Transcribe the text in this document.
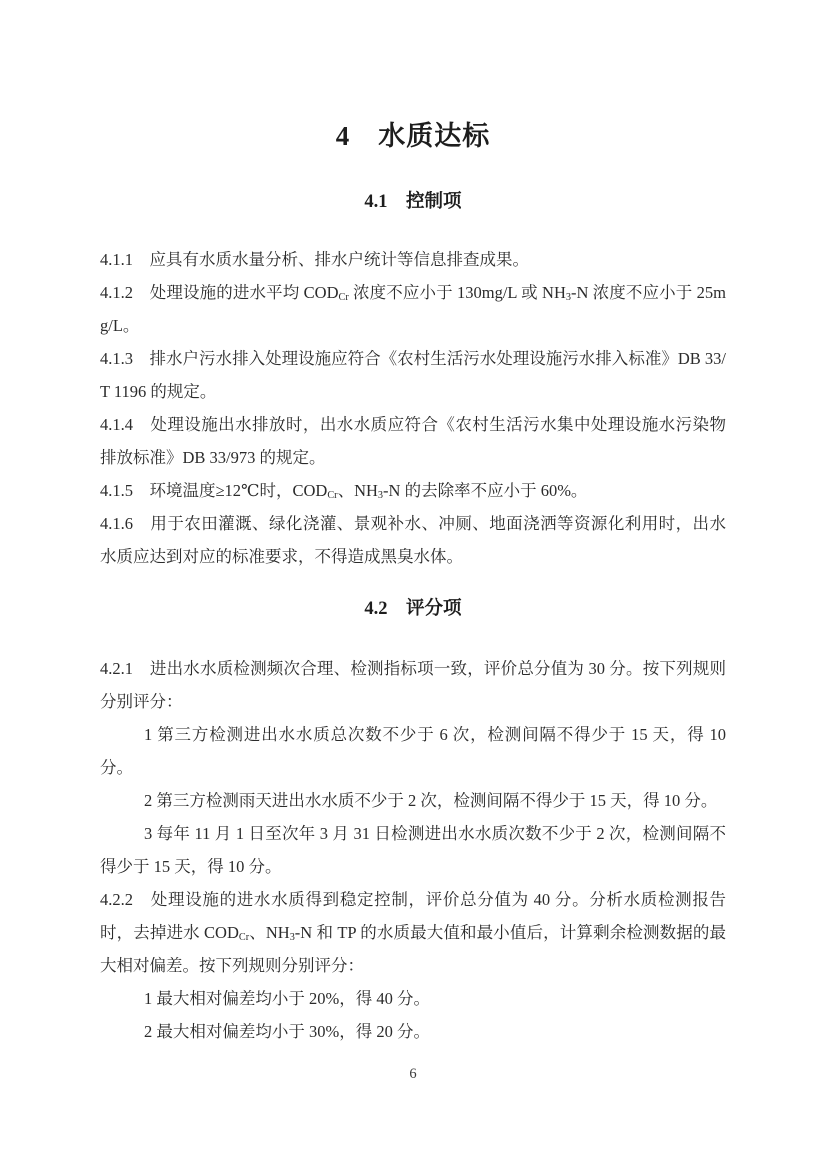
4　水质达标
4.1　控制项

4.1.1　应具有水质水量分析、排水户统计等信息排查成果。

4.1.2　处理设施的进水平均 $COD_{Cr}$ 浓度不应小于 130mg/L 或 $NH_3-N$ 浓度不应小于 25mg/L。

4.1.3　排水户污水排入处理设施应符合《农村生活污水处理设施污水排入标准》DB 33/T 1196 的规定。

4.1.4　处理设施出水排放时，出水水质应符合《农村生活污水集中处理设施水污染物排放标准》DB 33/973 的规定。

4.1.5　环境温度≥12℃时，$COD_{Cr}$、$NH_3-N$ 的去除率不应小于 60%。

4.1.6　用于农田灌溉、绿化浇灌、景观补水、冲厕、地面浇洒等资源化利用时，出水水质应达到对应的标准要求，不得造成黑臭水体。

4.2　评分项

4.2.1　进出水水质检测频次合理、检测指标项一致，评价总分值为 30 分。按下列规则分别评分：

1 第三方检测进出水水质总次数不少于 6 次，检测间隔不得少于 15 天，得 10 分。

2 第三方检测雨天进出水水质不少于 2 次，检测间隔不得少于 15 天，得 10 分。

3 每年 11 月 1 日至次年 3 月 31 日检测进出水水质次数不少于 2 次，检测间隔不得少于 15 天，得 10 分。

4.2.2　处理设施的进水水质得到稳定控制，评价总分值为 40 分。分析水质检测报告时，去掉进水 $COD_{Cr}$、$NH_3-N$ 和 TP 的水质最大值和最小值后，计算剩余检测数据的最大相对偏差。按下列规则分别评分：

1 最大相对偏差均小于 20%，得 40 分。

2 最大相对偏差均小于 30%，得 20 分。

6
